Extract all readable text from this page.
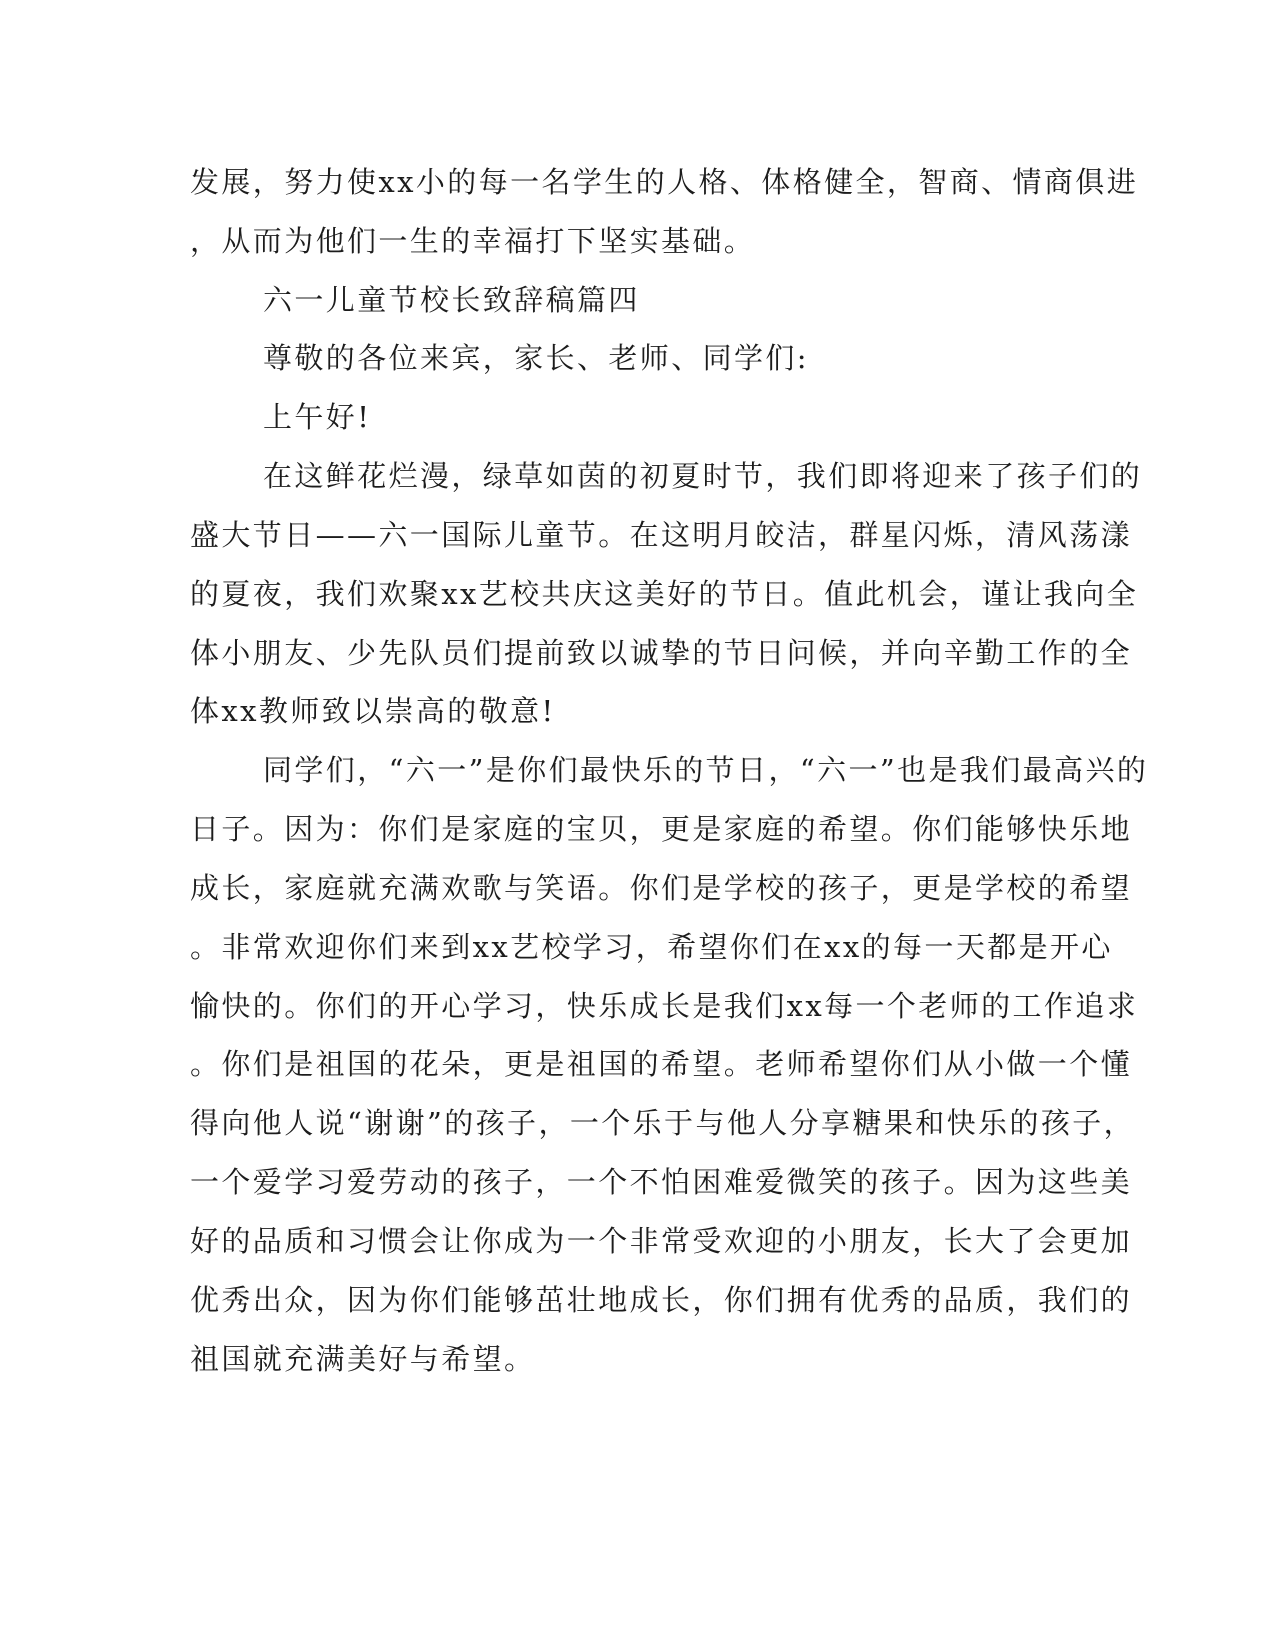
发展，努力使xx小的每一名学生的人格、体格健全，智商、情商俱进

，从而为他们一生的幸福打下坚实基础。

六一儿童节校长致辞稿篇四

尊敬的各位来宾，家长、老师、同学们:

上午好!

在这鲜花烂漫，绿草如茵的初夏时节，我们即将迎来了孩子们的

盛大节日——六一国际儿童节。在这明月皎洁，群星闪烁，清风荡漾

的夏夜，我们欢聚xx艺校共庆这美好的节日。值此机会，谨让我向全

体小朋友、少先队员们提前致以诚挚的节日问候，并向辛勤工作的全

体xx教师致以崇高的敬意!

同学们，“六一”是你们最快乐的节日，“六一”也是我们最高兴的

日子。因为：你们是家庭的宝贝，更是家庭的希望。你们能够快乐地

成长，家庭就充满欢歌与笑语。你们是学校的孩子，更是学校的希望

。非常欢迎你们来到xx艺校学习，希望你们在xx的每一天都是开心

愉快的。你们的开心学习，快乐成长是我们xx每一个老师的工作追求

。你们是祖国的花朵，更是祖国的希望。老师希望你们从小做一个懂

得向他人说“谢谢”的孩子，一个乐于与他人分享糖果和快乐的孩子，

一个爱学习爱劳动的孩子，一个不怕困难爱微笑的孩子。因为这些美

好的品质和习惯会让你成为一个非常受欢迎的小朋友，长大了会更加

优秀出众，因为你们能够茁壮地成长，你们拥有优秀的品质，我们的

祖国就充满美好与希望。
